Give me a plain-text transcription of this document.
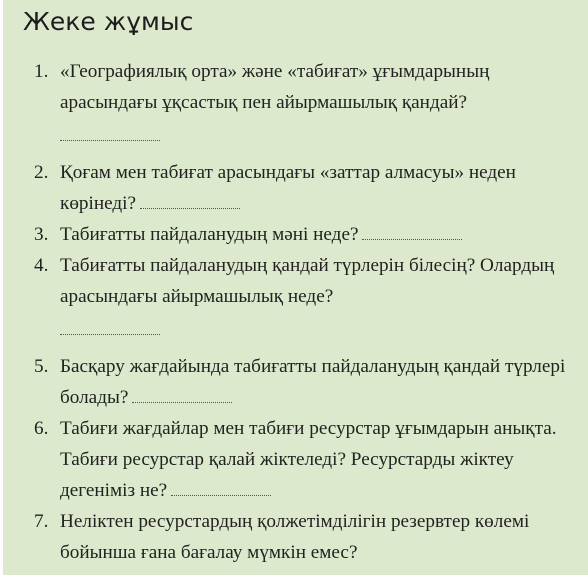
Жеке жұмыс
1. «Географиялық орта» және «табиғат» ұғымдарының арасындағы ұқсастық пен айырмашылық қандай?
2. Қоғам мен табиғат арасындағы «заттар алмасуы» неден көрінеді?
3. Табиғатты пайдаланудың мәні неде?
4. Табиғатты пайдаланудың қандай түрлерін білесің? Олардың арасындағы айырмашылық неде?
5. Басқару жағдайында табиғатты пайдаланудың қандай түрлері болады?
6. Табиғи жағдайлар мен табиғи ресурстар ұғымдарын анықта. Табиғи ресурстар қалай жіктеледі? Ресурстарды жіктеу дегеніміз не?
7. Неліктен ресурстардың қолжетімділігін резервтер көлемі бойынша ғана бағалау мүмкін емес?
